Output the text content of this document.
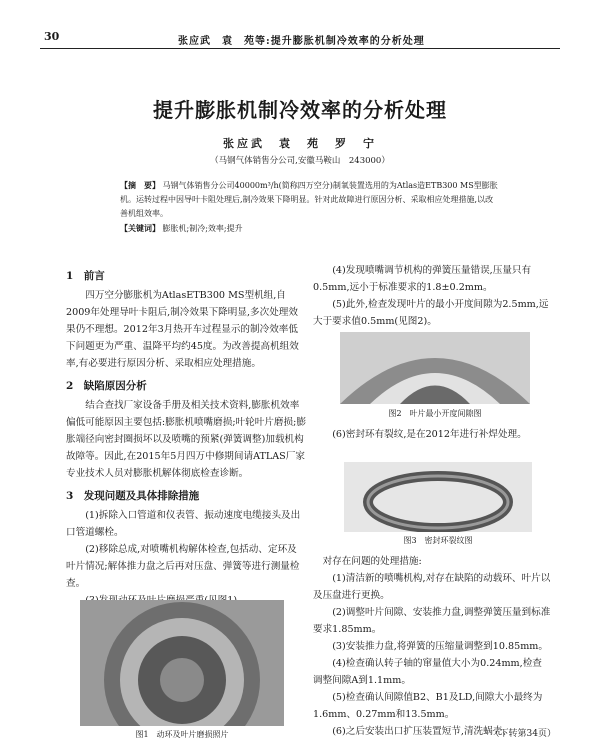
30	张应武　袁　苑等:提升膨胀机制冷效率的分析处理
提升膨胀机制冷效率的分析处理
张应武　袁　苑　罗　宁
（马钢气体销售分公司,安徽马鞍山　243000）
【摘　要】 马钢气体销售分公司40000m³/h(简称四万空分)制氧装置选用的为Atlas造ETB300 MS型膨胀机。运转过程中因导叶卡阻处理后,制冷效果下降明显。针对此故障进行原因分析、采取相应处理措施,以改善机组效率。
【关键词】 膨胀机;制冷;效率;提升
1　前言

四万空分膨胀机为AtlasETB300 MS型机组,自2009年处理导叶卡阻后,制冷效果下降明显,多次处理效果仍不理想。2012年3月热开车过程显示的制冷效率低下问题更为严重、温降平均约45度。为改善提高机组效率,有必要进行原因分析、采取相应处理措施。

2　缺陷原因分析

结合查找厂家设备手册及相关技术资料,膨胀机效率偏低可能原因主要包括:膨胀机喷嘴磨损;叶轮叶片磨损;膨胀端径向密封圈损坏以及喷嘴的预紧(弹簧调整)加载机构故障等。因此,在2015年5月四万中修期间请ATLAS厂家专业技术人员对膨胀机解体彻底检查诊断。

3　发现问题及具体排除措施

(1)拆除入口管道和仪表管、振动速度电缆接头及出口管道螺栓。

(2)移除总成,对喷嘴机构解体检查,包括动、定环及叶片情况;解体推力盘之后再对压盘、弹簧等进行测量检查。

图1　动环及叶片磨损照片

(4)发现喷嘴调节机构的弹簧压量错误,压量只有0.5mm,远小于标准要求的1.8±0.2mm。

(5)此外,检查发现叶片的最小开度间隙为2.5mm,远大于要求值0.5mm(见图2)。

图2　叶片最小开度间隙图

(6)密封环有裂纹,是在2012年进行补焊处理。

图3　密封环裂纹图

对存在问题的处理措施:

(1)清洁新的喷嘴机构,对存在缺陷的动载环、叶片以及压盘进行更换。

(2)调整叶片间隙、安装推力盘,调整弹簧压量到标准要求1.85mm。

(3)安装推力盘,将弹簧的压缩量调整到10.85mm。

(4)检查确认转子轴的窜量值大小为0.24mm,检查调整间隙A到1.1mm。

(5)检查确认间隙值B2、B1及LD,间隙大小最终为1.6mm、0.27mm和13.5mm。

(6)之后安装出口扩压装置短节,清洗蜗壳、

（下转第34页）
